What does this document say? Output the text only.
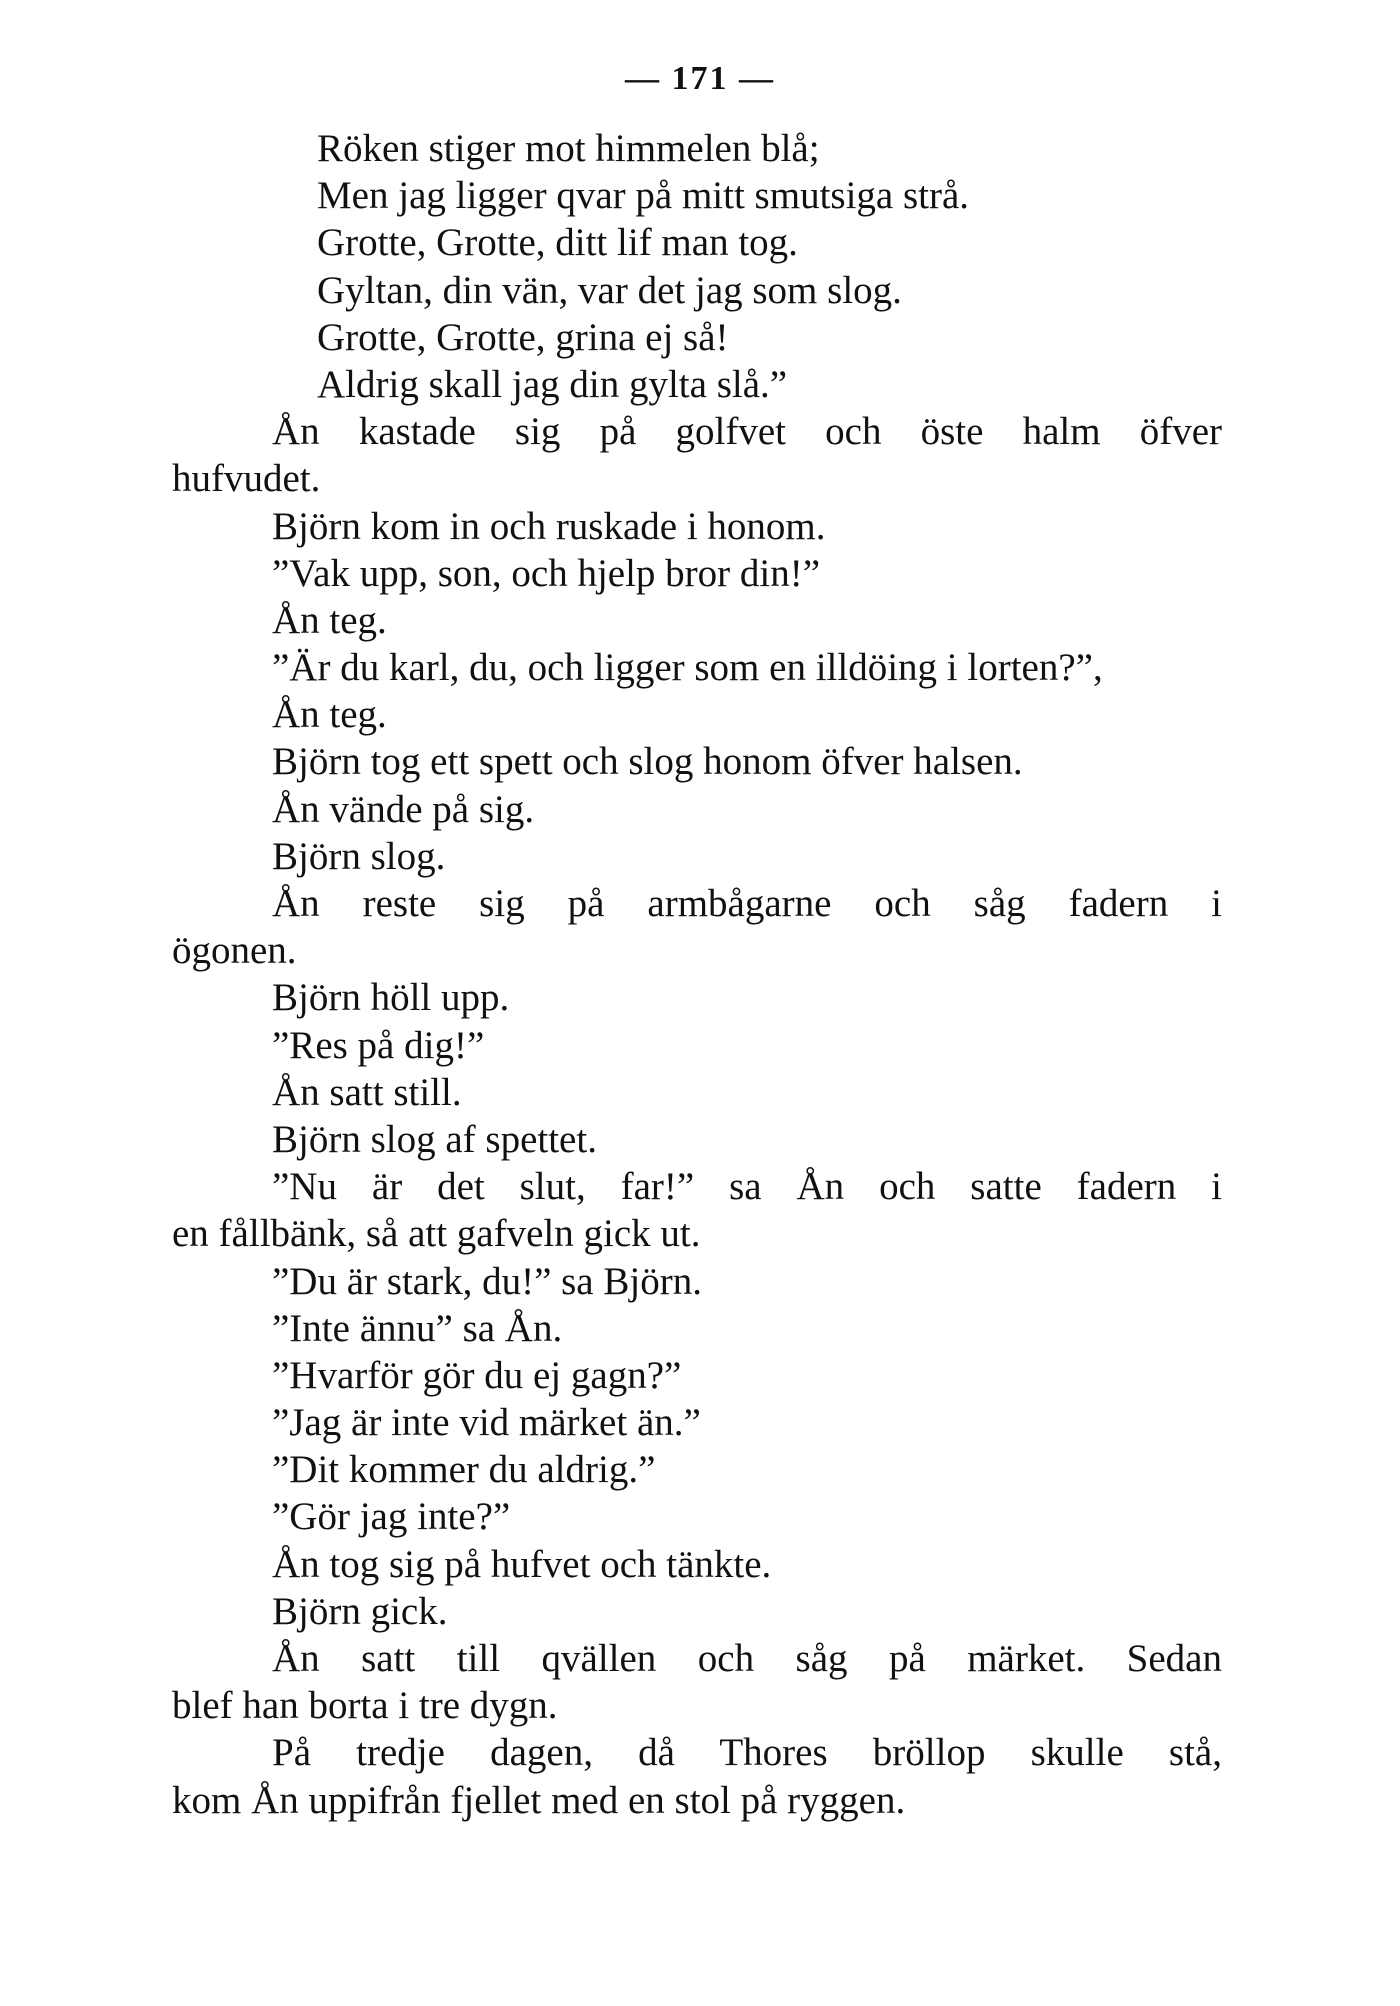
— 171 —
Röken stiger mot himmelen blå;
Men jag ligger qvar på mitt smutsiga strå.
Grotte, Grotte, ditt lif man tog.
Gyltan, din vän, var det jag som slog.
Grotte, Grotte, grina ej så!
Aldrig skall jag din gylta slå.”
Ån kastade sig på golfvet och öste halm öfver
hufvudet.
Björn kom in och ruskade i honom.
”Vak upp, son, och hjelp bror din!”
Ån teg.
”Är du karl, du, och ligger som en illdöing i lorten?”,
Ån teg.
Björn tog ett spett och slog honom öfver halsen.
Ån vände på sig.
Björn slog.
Ån reste sig på armbågarne och såg fadern i
ögonen.
Björn höll upp.
”Res på dig!”
Ån satt still.
Björn slog af spettet.
”Nu är det slut, far!” sa Ån och satte fadern i
en fållbänk, så att gafveln gick ut.
”Du är stark, du!” sa Björn.
”Inte ännu” sa Ån.
”Hvarför gör du ej gagn?”
”Jag är inte vid märket än.”
”Dit kommer du aldrig.”
”Gör jag inte?”
Ån tog sig på hufvet och tänkte.
Björn gick.
Ån satt till qvällen och såg på märket. Sedan
blef han borta i tre dygn.
På tredje dagen, då Thores bröllop skulle stå,
kom Ån uppifrån fjellet med en stol på ryggen.
